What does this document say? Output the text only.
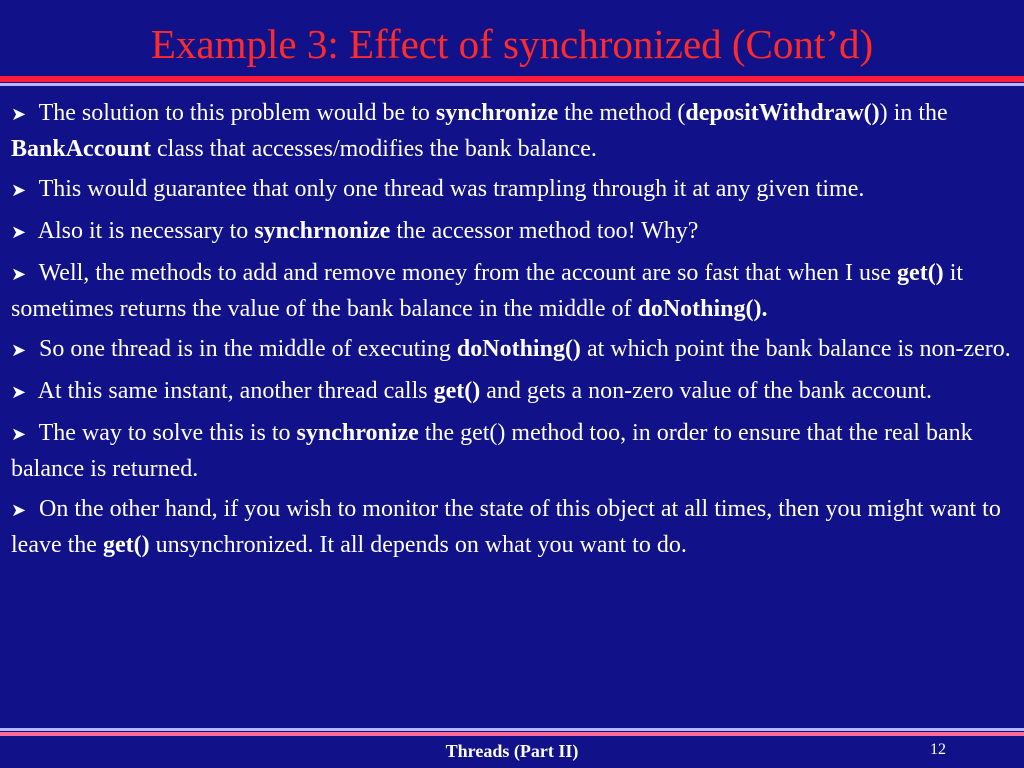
Example 3: Effect of synchronized (Cont’d)
➤ The solution to this problem would be to synchronize the method (depositWithdraw()) in the BankAccount class that accesses/modifies the bank balance.
➤ This would guarantee that only one thread was trampling through it at any given time.
➤ Also it is necessary to synchrnonize the accessor method too! Why?
➤ Well, the methods to add and remove money from the account are so fast that when I use get() it sometimes returns the value of the bank balance in the middle of doNothing().
➤ So one thread is in the middle of executing doNothing() at which point the bank balance is non-zero.
➤ At this same instant, another thread calls get() and gets a non-zero value of the bank account.
➤ The way to solve this is to synchronize the get() method too, in order to ensure that the real bank balance is returned.
➤ On the other hand, if you wish to monitor the state of this object at all times, then you might want to leave the get() unsynchronized. It all depends on what you want to do.
Threads (Part II)	12
